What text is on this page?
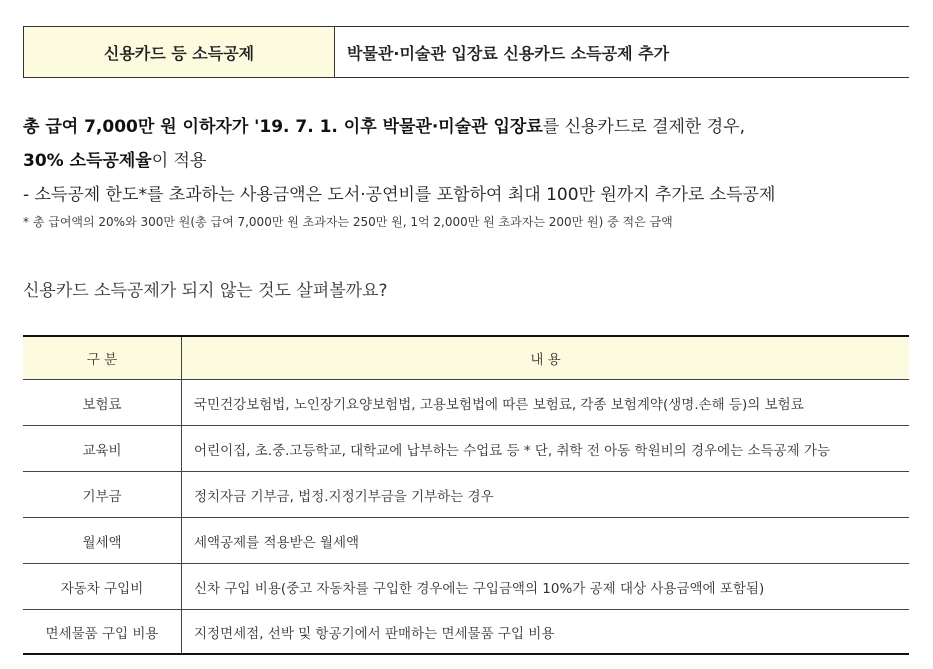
신용카드 등 소득공제	박물관·미술관 입장료 신용카드 소득공제 추가
총 급여 7,000만 원 이하자가 '19. 7. 1. 이후 박물관·미술관 입장료를 신용카드로 결제한 경우,
30% 소득공제율이 적용
- 소득공제 한도*를 초과하는 사용금액은 도서·공연비를 포함하여 최대 100만 원까지 추가로 소득공제
* 총 급여액의 20%와 300만 원(총 급여 7,000만 원 초과자는 250만 원, 1억 2,000만 원 초과자는 200만 원) 중 적은 금액
신용카드 소득공제가 되지 않는 것도 살펴볼까요?
구 분	내 용
보험료	국민건강보험법, 노인장기요양보험법, 고용보험법에 따른 보험료, 각종 보험계약(생명.손해 등)의 보험료
교육비	어린이집, 초.중.고등학교, 대학교에 납부하는 수업료 등 * 단, 취학 전 아동 학원비의 경우에는 소득공제 가능
기부금	정치자금 기부금, 법정.지정기부금을 기부하는 경우
월세액	세액공제를 적용받은 월세액
자동차 구입비	신차 구입 비용(중고 자동차를 구입한 경우에는 구입금액의 10%가 공제 대상 사용금액에 포함됨)
면세물품 구입 비용	지정면세점, 선박 및 항공기에서 판매하는 면세물품 구입 비용
